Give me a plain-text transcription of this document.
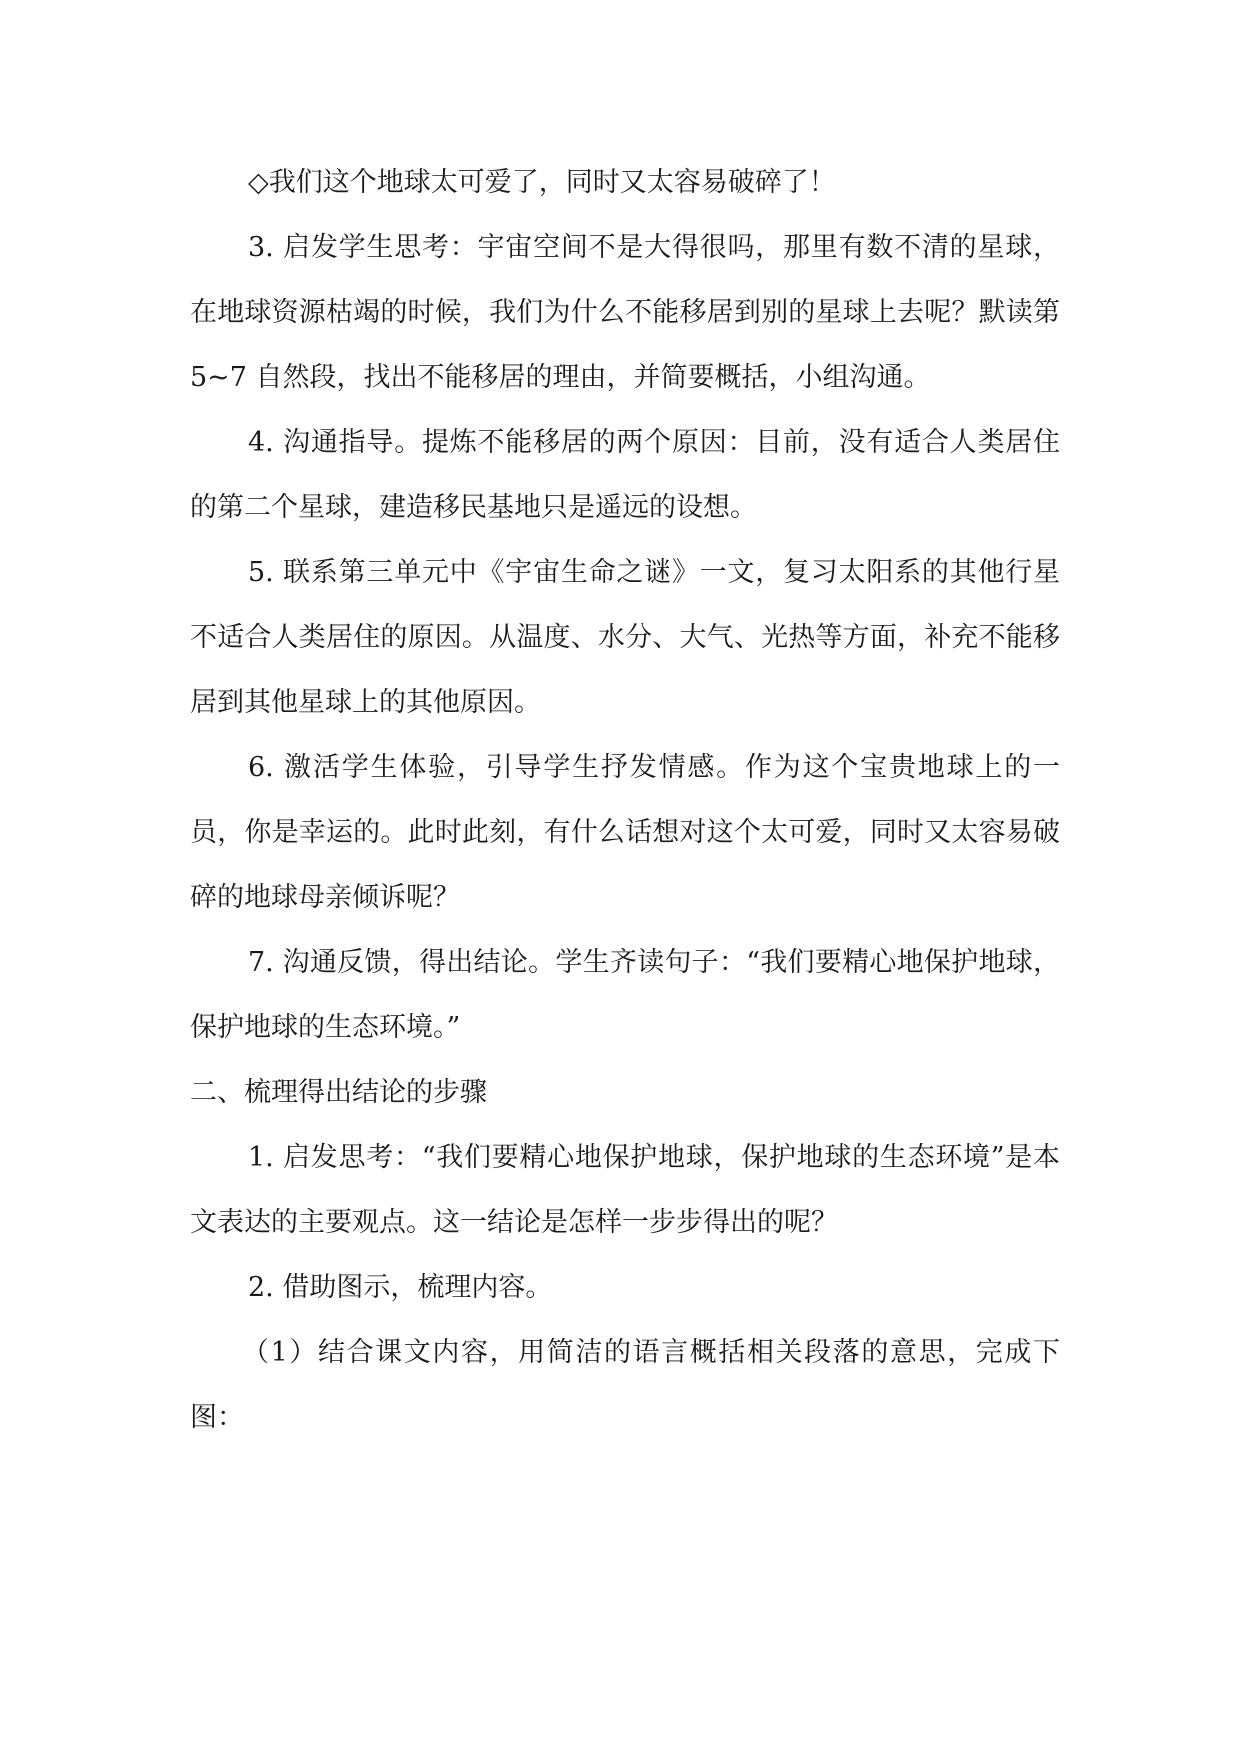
◇我们这个地球太可爱了，同时又太容易破碎了！

3. 启发学生思考：宇宙空间不是大得很吗，那里有数不清的星球，在地球资源枯竭的时候，我们为什么不能移居到别的星球上去呢？默读第 5~7 自然段，找出不能移居的理由，并简要概括，小组沟通。

4. 沟通指导。提炼不能移居的两个原因：目前，没有适合人类居住的第二个星球，建造移民基地只是遥远的设想。

5. 联系第三单元中《宇宙生命之谜》一文，复习太阳系的其他行星不适合人类居住的原因。从温度、水分、大气、光热等方面，补充不能移居到其他星球上的其他原因。

6. 激活学生体验，引导学生抒发情感。作为这个宝贵地球上的一员，你是幸运的。此时此刻，有什么话想对这个太可爱，同时又太容易破碎的地球母亲倾诉呢？

7. 沟通反馈，得出结论。学生齐读句子：“我们要精心地保护地球，保护地球的生态环境。”

二、梳理得出结论的步骤

1. 启发思考：“我们要精心地保护地球，保护地球的生态环境”是本文表达的主要观点。这一结论是怎样一步步得出的呢？

2. 借助图示，梳理内容。

（1）结合课文内容，用简洁的语言概括相关段落的意思，完成下图：
